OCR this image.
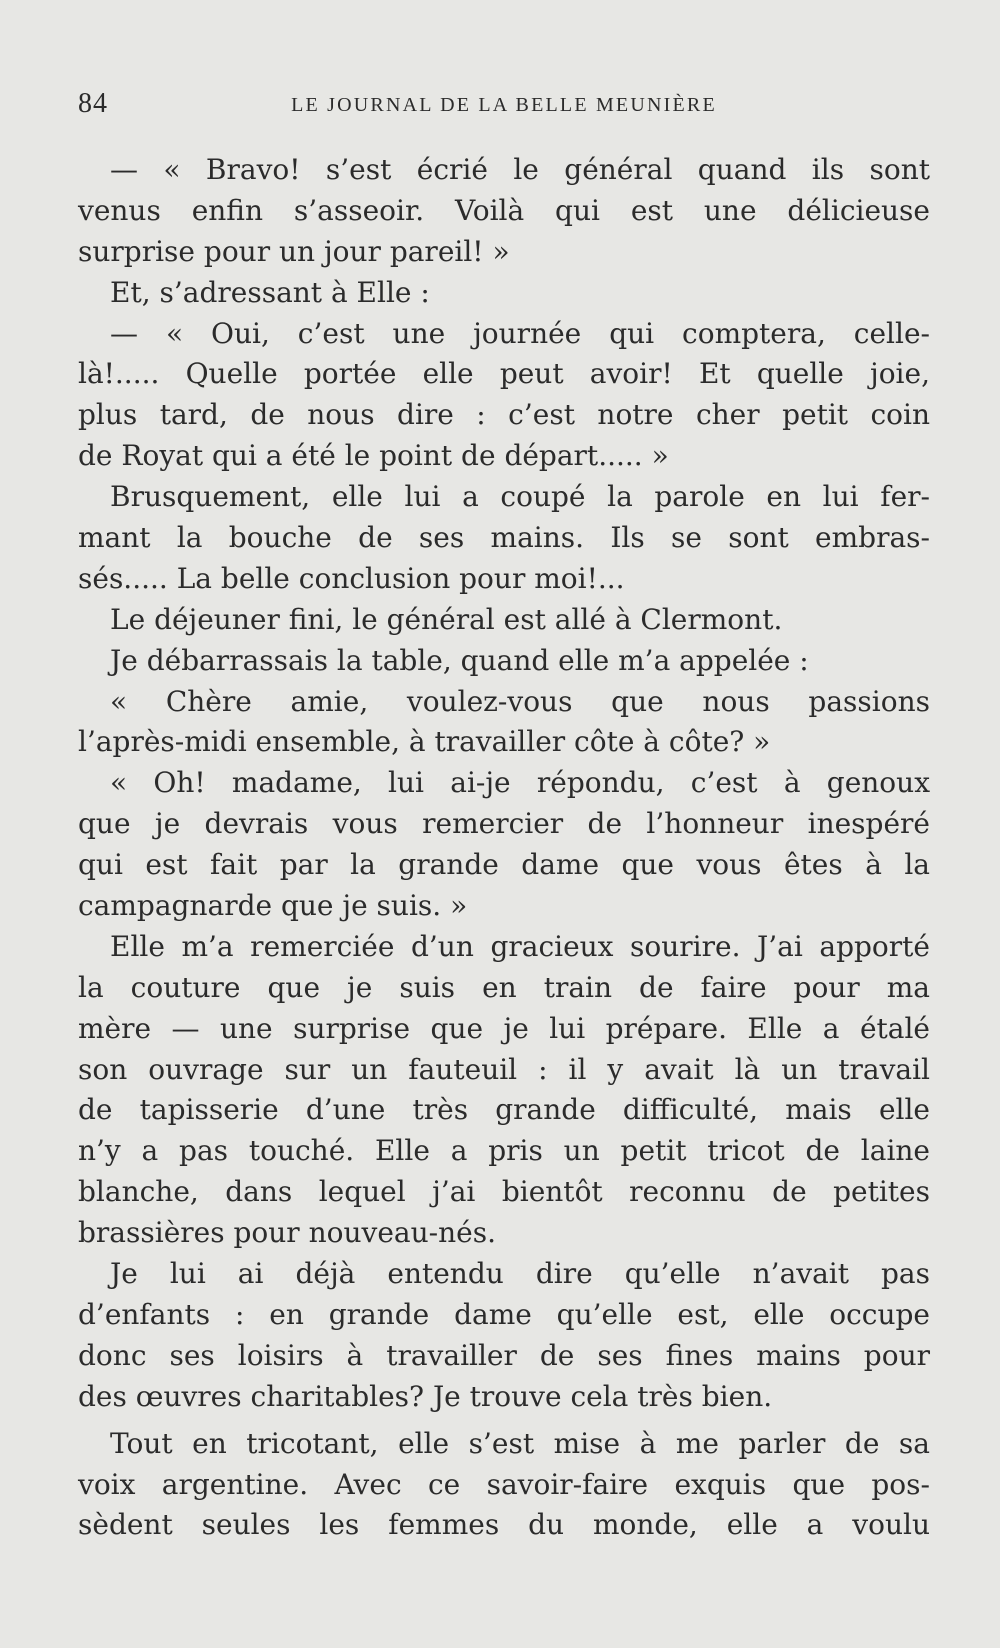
84	LE JOURNAL DE LA BELLE MEUNIÈRE
— « Bravo! s’est écrié le général quand ils sont
venus enfin s’asseoir. Voilà qui est une délicieuse
surprise pour un jour pareil! »
Et, s’adressant à Elle :
— « Oui, c’est une journée qui comptera, celle-
là!..... Quelle portée elle peut avoir! Et quelle joie,
plus tard, de nous dire : c’est notre cher petit coin
de Royat qui a été le point de départ..... »
Brusquement, elle lui a coupé la parole en lui fer-
mant la bouche de ses mains. Ils se sont embras-
sés..... La belle conclusion pour moi!...
Le déjeuner fini, le général est allé à Clermont.
Je débarrassais la table, quand elle m’a appelée :
« Chère amie, voulez-vous que nous passions
l’après-midi ensemble, à travailler côte à côte? »
« Oh! madame, lui ai-je répondu, c’est à genoux
que je devrais vous remercier de l’honneur inespéré
qui est fait par la grande dame que vous êtes à la
campagnarde que je suis. »
Elle m’a remerciée d’un gracieux sourire. J’ai apporté
la couture que je suis en train de faire pour ma
mère — une surprise que je lui prépare. Elle a étalé
son ouvrage sur un fauteuil : il y avait là un travail
de tapisserie d’une très grande difficulté, mais elle
n’y a pas touché. Elle a pris un petit tricot de laine
blanche, dans lequel j’ai bientôt reconnu de petites
brassières pour nouveau-nés.
Je lui ai déjà entendu dire qu’elle n’avait pas
d’enfants : en grande dame qu’elle est, elle occupe
donc ses loisirs à travailler de ses fines mains pour
des œuvres charitables? Je trouve cela très bien.
Tout en tricotant, elle s’est mise à me parler de sa
voix argentine. Avec ce savoir-faire exquis que pos-
sèdent seules les femmes du monde, elle a voulu
